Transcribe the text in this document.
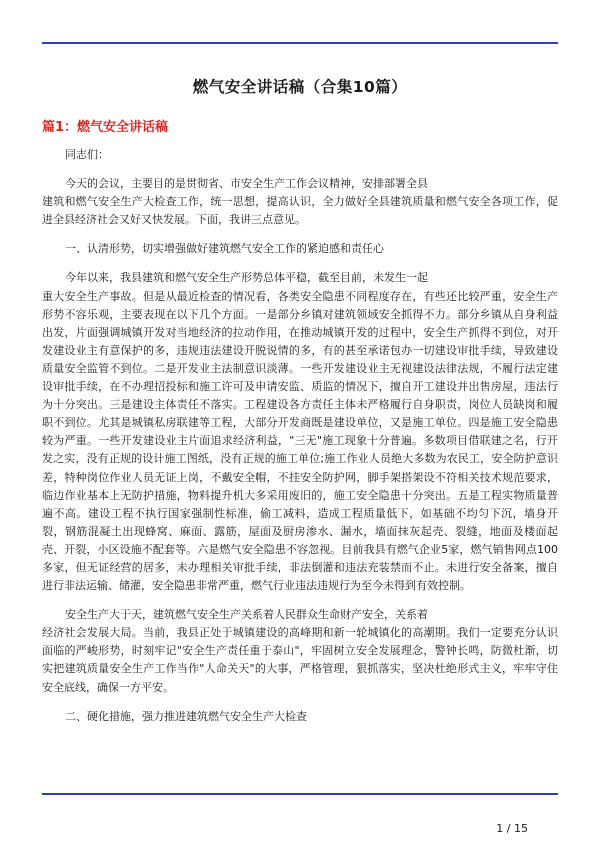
燃气安全讲话稿（合集10篇）
篇1：燃气安全讲话稿

同志们：

今天的会议，主要目的是贯彻省、市安全生产工作会议精神，安排部署全县

建筑和燃气安全生产大检查工作，统一思想，提高认识，全力做好全县建筑质量和燃气安全各项工作，促进全县经济社会又好又快发展。下面，我讲三点意见。

一、认清形势，切实增强做好建筑燃气安全工作的紧迫感和责任心

今年以来，我县建筑和燃气安全生产形势总体平稳，截至目前，未发生一起

重大安全生产事故。但是从最近检查的情况看，各类安全隐患不同程度存在，有些还比较严重，安全生产形势不容乐观，主要表现在以下几个方面。一是部分乡镇对建筑领域安全抓得不力。部分乡镇从自身利益出发，片面强调城镇开发对当地经济的拉动作用，在推动城镇开发的过程中，安全生产抓得不到位，对开发建设业主有意保护的多，违规违法建设开脱说情的多，有的甚至承诺包办一切建设审批手续，导致建设质量安全监管不到位。二是开发业主法制意识淡薄。一些开发建设业主无视建设法律法规，不履行法定建设审批手续，在不办理招投标和施工许可及申请安监、质监的情况下，擅自开工建设并出售房屋，违法行为十分突出。三是建设主体责任不落实。工程建设各方责任主体未严格履行自身职责，岗位人员缺岗和履职不到位。尤其是城镇私房联建等工程，大部分开发商既是建设单位，又是施工单位。四是施工安全隐患较为严重。一些开发建设业主片面追求经济利益，"三无"施工现象十分普遍。多数项目借联建之名，行开发之实，没有正规的设计施工图纸，没有正规的施工单位;施工作业人员绝大多数为农民工，安全防护意识差，特种岗位作业人员无证上岗，不戴安全帽，不挂安全防护网，脚手架搭架设不符相关技术规范要求，临边作业基本上无防护措施，物料提升机大多采用废旧的，施工安全隐患十分突出。五是工程实物质量普遍不高。建设工程不执行国家强制性标准，偷工减料，造成工程质量低下，如基础不均匀下沉，墙身开裂，钢筋混凝土出现蜂窝、麻面、露筋，屋面及厨房渗水、漏水，墙面抹灰起壳、裂缝，地面及楼面起壳、开裂，小区设施不配套等。六是燃气安全隐患不容忽视。目前我县有燃气企业5家，燃气销售网点100多家，但无证经营的居多，未办理相关审批手续，非法倒灌和违法充装禁而不止。未进行安全备案，擅自进行非法运输、储灌，安全隐患非常严重，燃气行业违法违规行为至今未得到有效控制。

安全生产大于天，建筑燃气安全生产关系着人民群众生命财产安全，关系着

经济社会发展大局。当前，我县正处于城镇建设的高峰期和新一轮城镇化的高潮期。我们一定要充分认识面临的严峻形势，时刻牢记"安全生产责任重于泰山"，牢固树立安全发展理念，警钟长鸣，防微杜渐，切实把建筑质量安全生产工作当作"人命关天"的大事，严格管理，狠抓落实，坚决杜绝形式主义，牢牢守住安全底线，确保一方平安。

二、硬化措施，强力推进建筑燃气安全生产大检查

1 / 15
